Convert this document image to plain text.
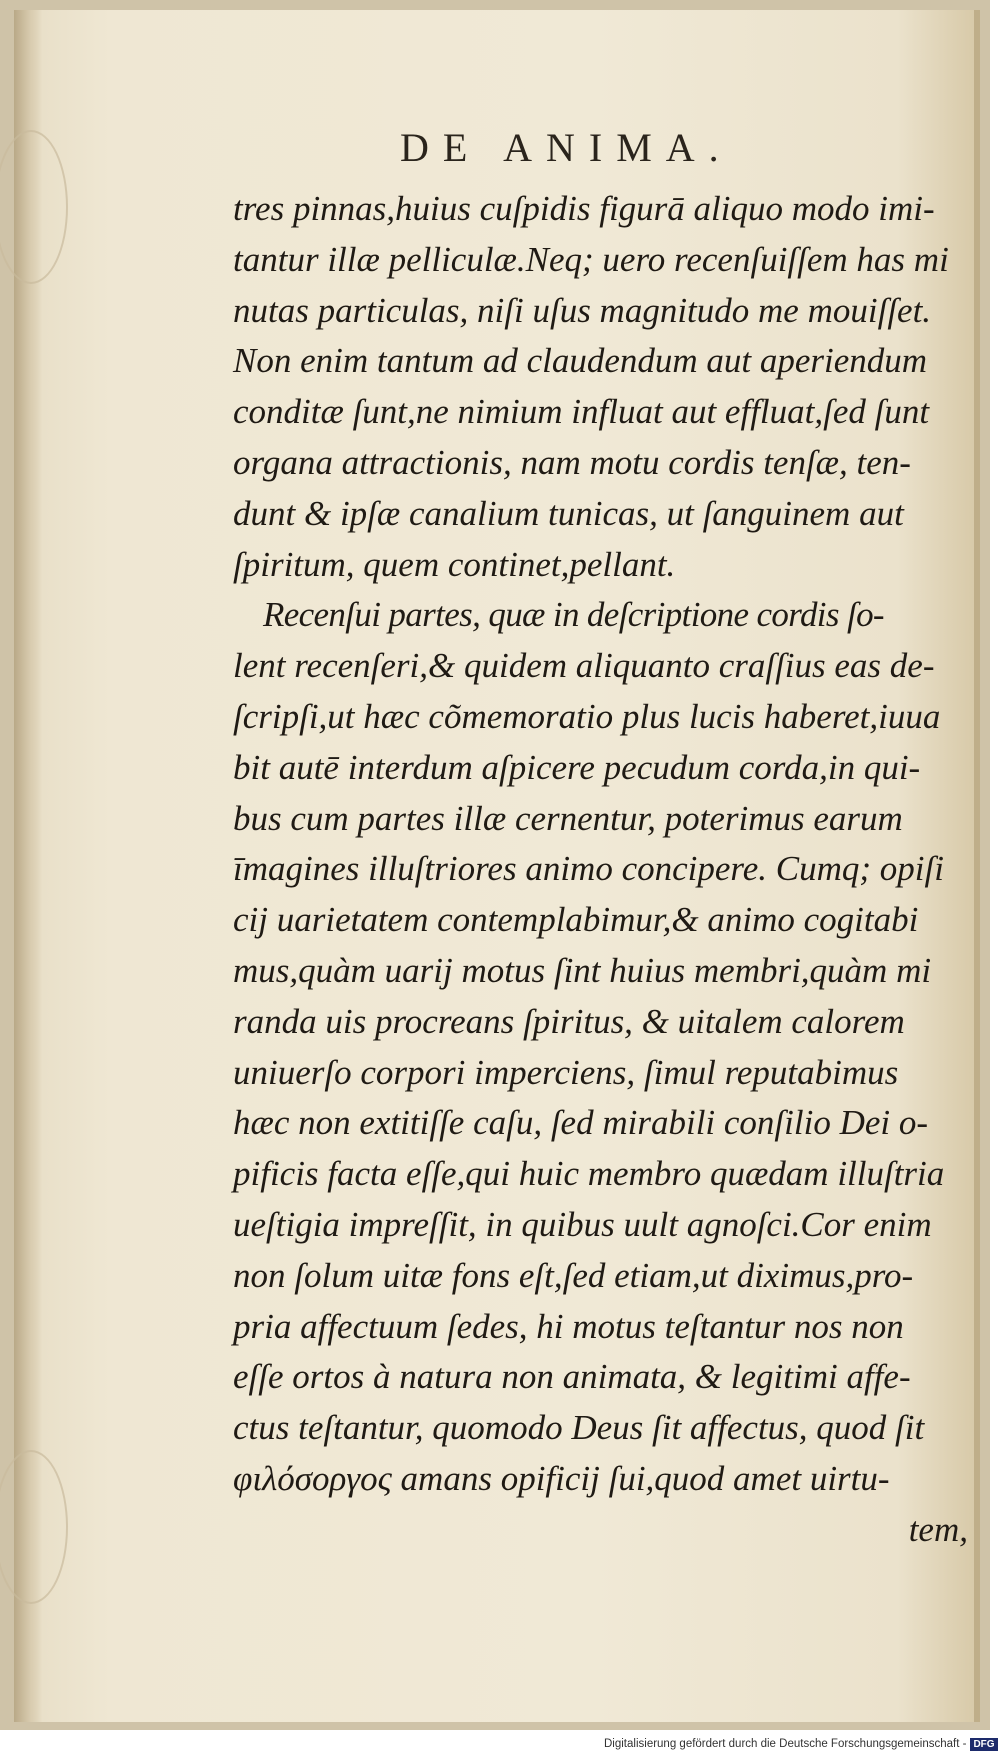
DE ANIMA.
tres pinnas,huius cuſpidis figurā aliquo modo imi-
tantur illæ pelliculæ.Neq; uero recenſuiſſem has mi
nutas particulas, niſi uſus magnitudo me mouiſſet.
Non enim tantum ad claudendum aut aperiendum
conditæ ſunt,ne nimium influat aut effluat,ſed ſunt
organa attractionis, nam motu cordis tenſæ, ten-
dunt & ipſæ canalium tunicas, ut ſanguinem aut
ſpiritum, quem continet,pellant.
Recenſui partes, quæ in deſcriptione cordis ſo-
lent recenſeri,& quidem aliquanto craſſius eas de-
ſcripſi,ut hæc cõmemoratio plus lucis haberet,iuua
bit autē interdum aſpicere pecudum corda,in qui-
bus cum partes illæ cernentur, poterimus earum
īmagines illuſtriores animo concipere. Cumq; opiſi
cij uarietatem contemplabimur,& animo cogitabi
mus,quàm uarij motus ſint huius membri,quàm mi
randa uis procreans ſpiritus, & uitalem calorem
uniuerſo corpori imperciens, ſimul reputabimus
hæc non extitiſſe caſu, ſed mirabili conſilio Dei o-
pificis facta eſſe,qui huic membro quædam illuſtria
ueſtigia impreſſit, in quibus uult agnoſci.Cor enim
non ſolum uitæ fons eſt,ſed etiam,ut diximus,pro-
pria affectuum ſedes, hi motus teſtantur nos non
eſſe ortos à natura non animata, & legitimi affe-
ctus teſtantur, quomodo Deus ſit affectus, quod ſit
φιλόσοργος amans opificij ſui,quod amet uirtu-
tem,
Digitalisierung gefördert durch die Deutsche Forschungsgemeinschaft - DFG
